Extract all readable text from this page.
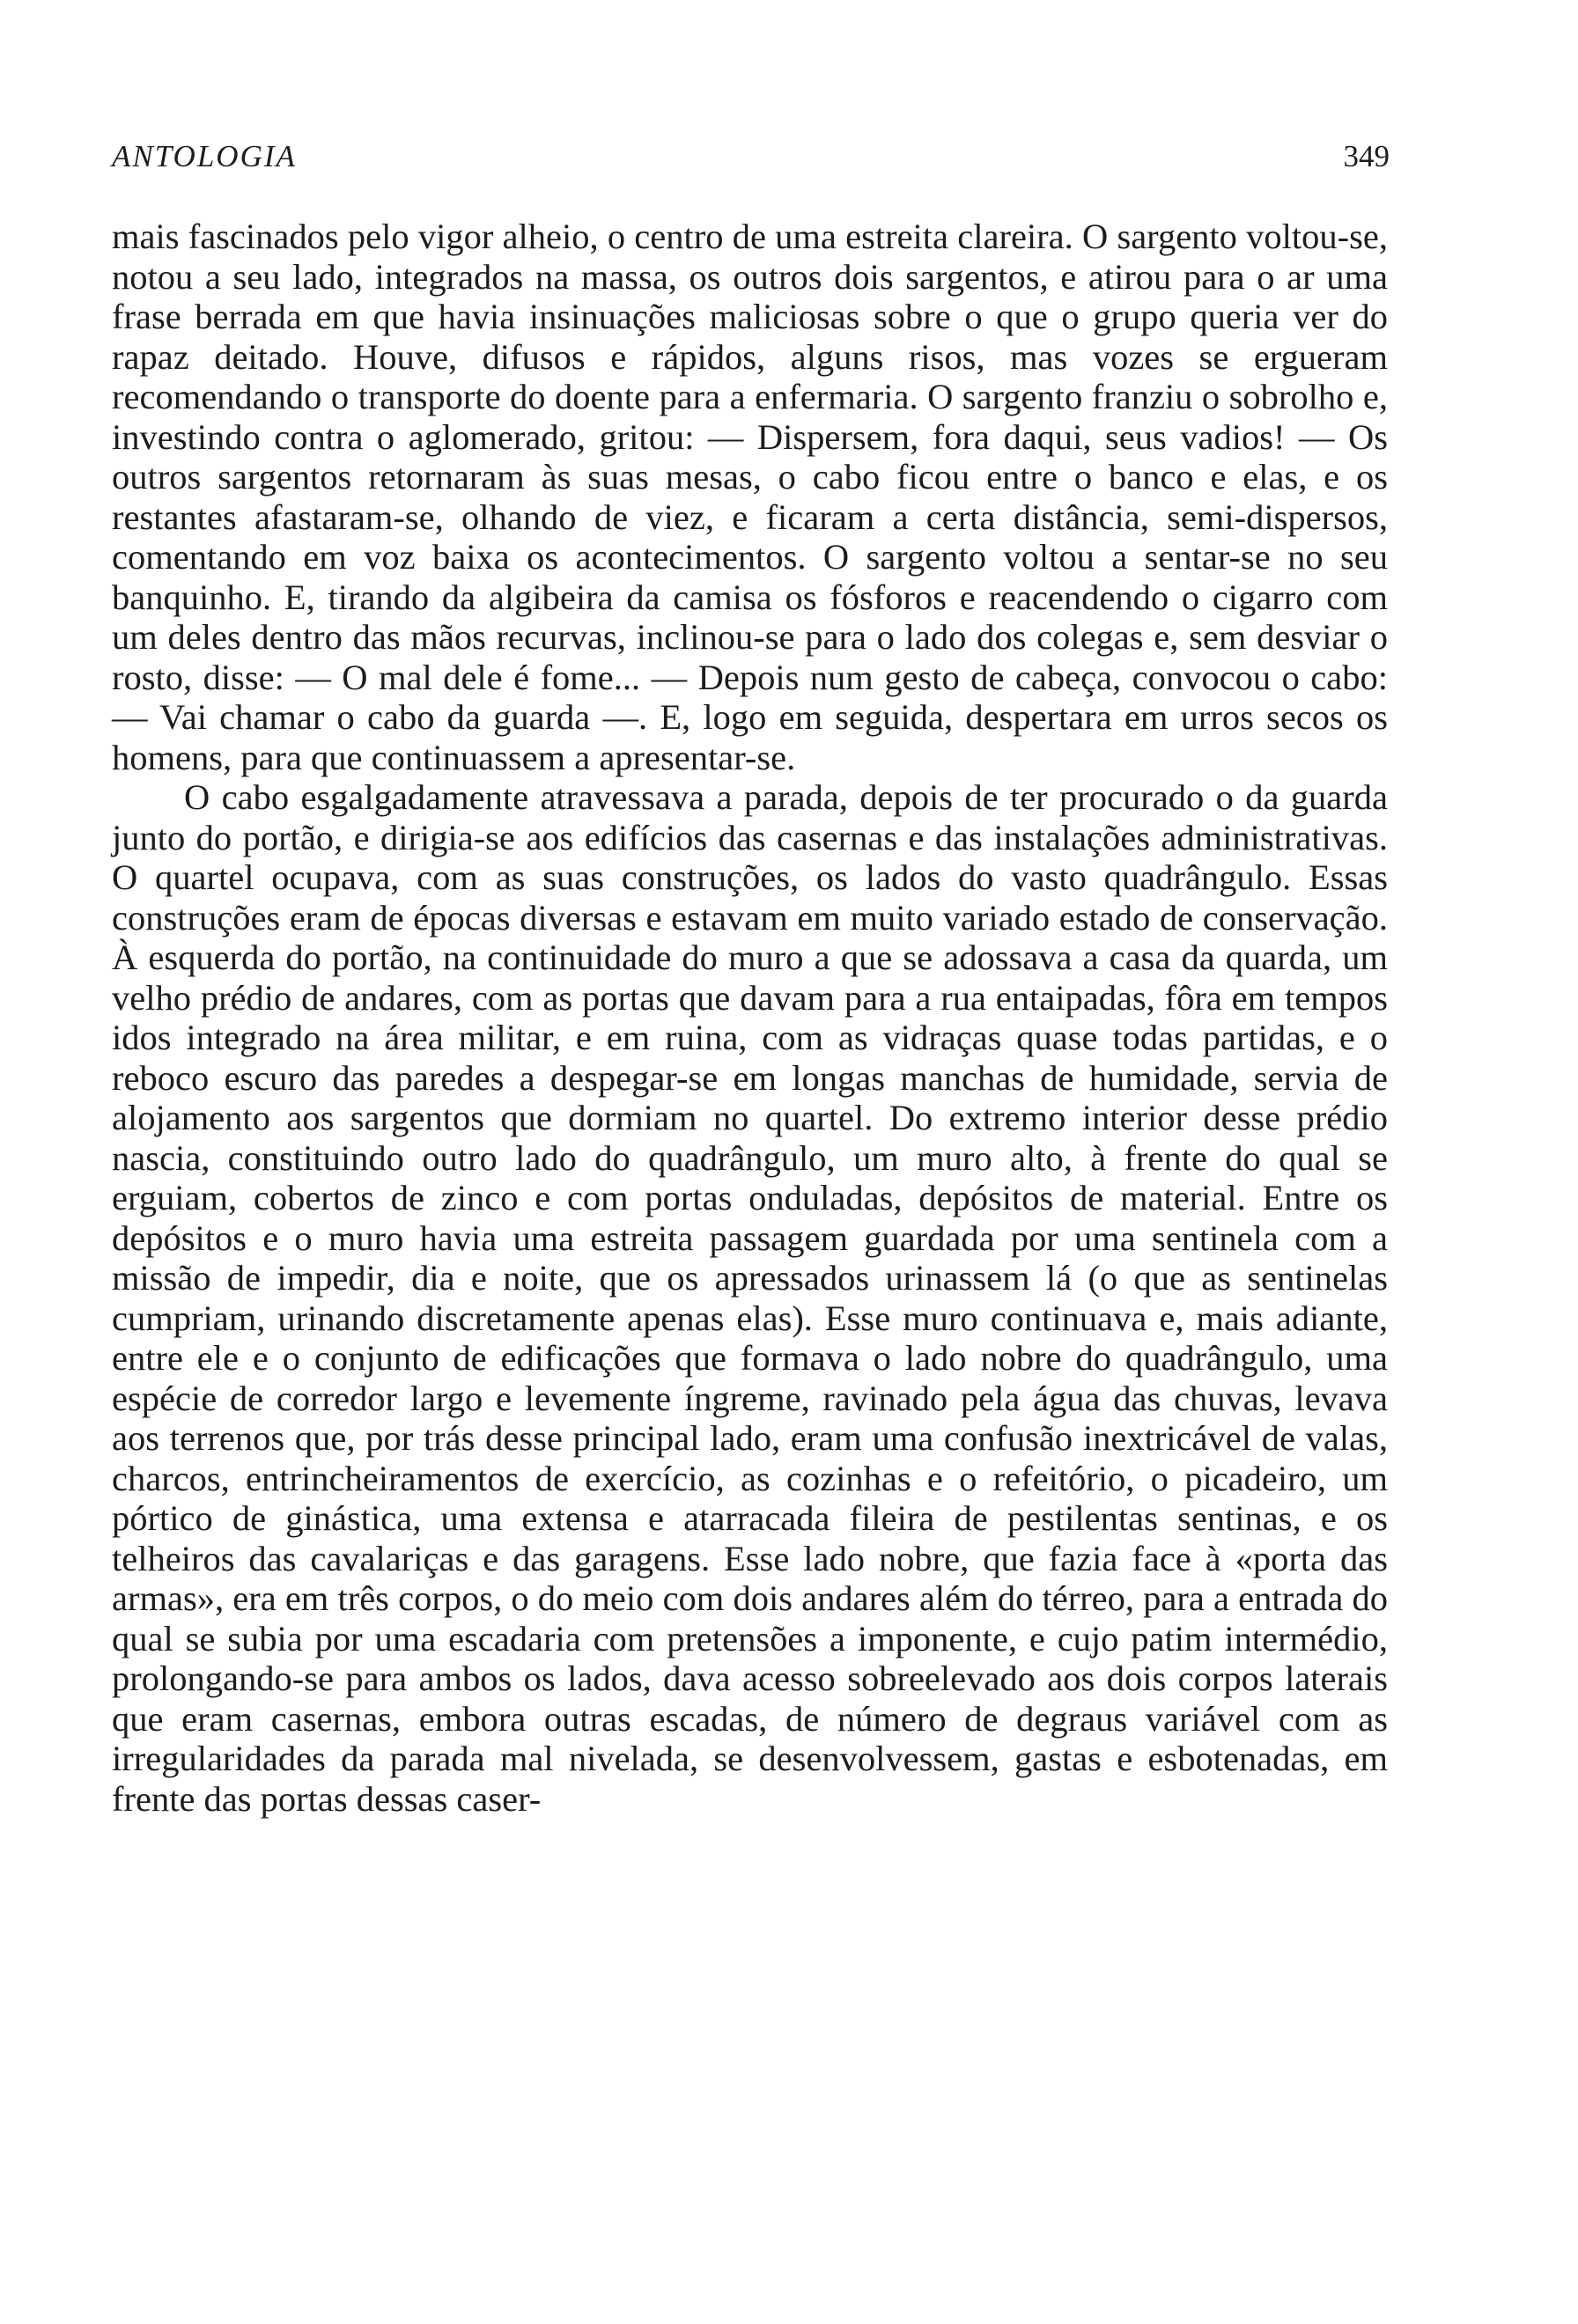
ANTOLOGIA	349

mais fascinados pelo vigor alheio, o centro de uma estreita clareira. O sargento voltou-se, notou a seu lado, integrados na massa, os outros dois sargentos, e atirou para o ar uma frase berrada em que havia insinuações maliciosas sobre o que o grupo queria ver do rapaz deitado. Houve, difusos e rápidos, alguns risos, mas vozes se ergueram recomendando o transporte do doente para a enfermaria. O sargento franziu o sobrolho e, investindo contra o aglomerado, gritou: — Dispersem, fora daqui, seus vadios! — Os outros sargentos retornaram às suas mesas, o cabo ficou entre o banco e elas, e os restantes afastaram-se, olhando de viez, e ficaram a certa distância, semi-dispersos, comentando em voz baixa os acontecimentos. O sargento voltou a sentar-se no seu banquinho. E, tirando da algibeira da camisa os fósforos e reacendendo o cigarro com um deles dentro das mãos recurvas, inclinou-se para o lado dos colegas e, sem desviar o rosto, disse: — O mal dele é fome... — Depois num gesto de cabeça, convocou o cabo: — Vai chamar o cabo da guarda —. E, logo em seguida, despertara em urros secos os homens, para que continuassem a apresentar-se.

O cabo esgalgadamente atravessava a parada, depois de ter procurado o da guarda junto do portão, e dirigia-se aos edifícios das casernas e das instalações administrativas. O quartel ocupava, com as suas construções, os lados do vasto quadrângulo. Essas construções eram de épocas diversas e estavam em muito variado estado de conservação. À esquerda do portão, na continuidade do muro a que se adossava a casa da quarda, um velho prédio de andares, com as portas que davam para a rua entaipadas, fôra em tempos idos integrado na área militar, e em ruina, com as vidraças quase todas partidas, e o reboco escuro das paredes a despegar-se em longas manchas de humidade, servia de alojamento aos sargentos que dormiam no quartel. Do extremo interior desse prédio nascia, constituindo outro lado do quadrângulo, um muro alto, à frente do qual se erguiam, cobertos de zinco e com portas onduladas, depósitos de material. Entre os depósitos e o muro havia uma estreita passagem guardada por uma sentinela com a missão de impedir, dia e noite, que os apressados urinassem lá (o que as sentinelas cumpriam, urinando discretamente apenas elas). Esse muro continuava e, mais adiante, entre ele e o conjunto de edificações que formava o lado nobre do quadrângulo, uma espécie de corredor largo e levemente íngreme, ravinado pela água das chuvas, levava aos terrenos que, por trás desse principal lado, eram uma confusão inextricável de valas, charcos, entrincheiramentos de exercício, as cozinhas e o refeitório, o picadeiro, um pórtico de ginástica, uma extensa e atarracada fileira de pestilentas sentinas, e os telheiros das cavalariças e das garagens. Esse lado nobre, que fazia face à «porta das armas», era em três corpos, o do meio com dois andares além do térreo, para a entrada do qual se subia por uma escadaria com pretensões a imponente, e cujo patim intermédio, prolongando-se para ambos os lados, dava acesso sobreelevado aos dois corpos laterais que eram casernas, embora outras escadas, de número de degraus variável com as irregularidades da parada mal nivelada, se desenvolvessem, gastas e esbotenadas, em frente das portas dessas caser-
